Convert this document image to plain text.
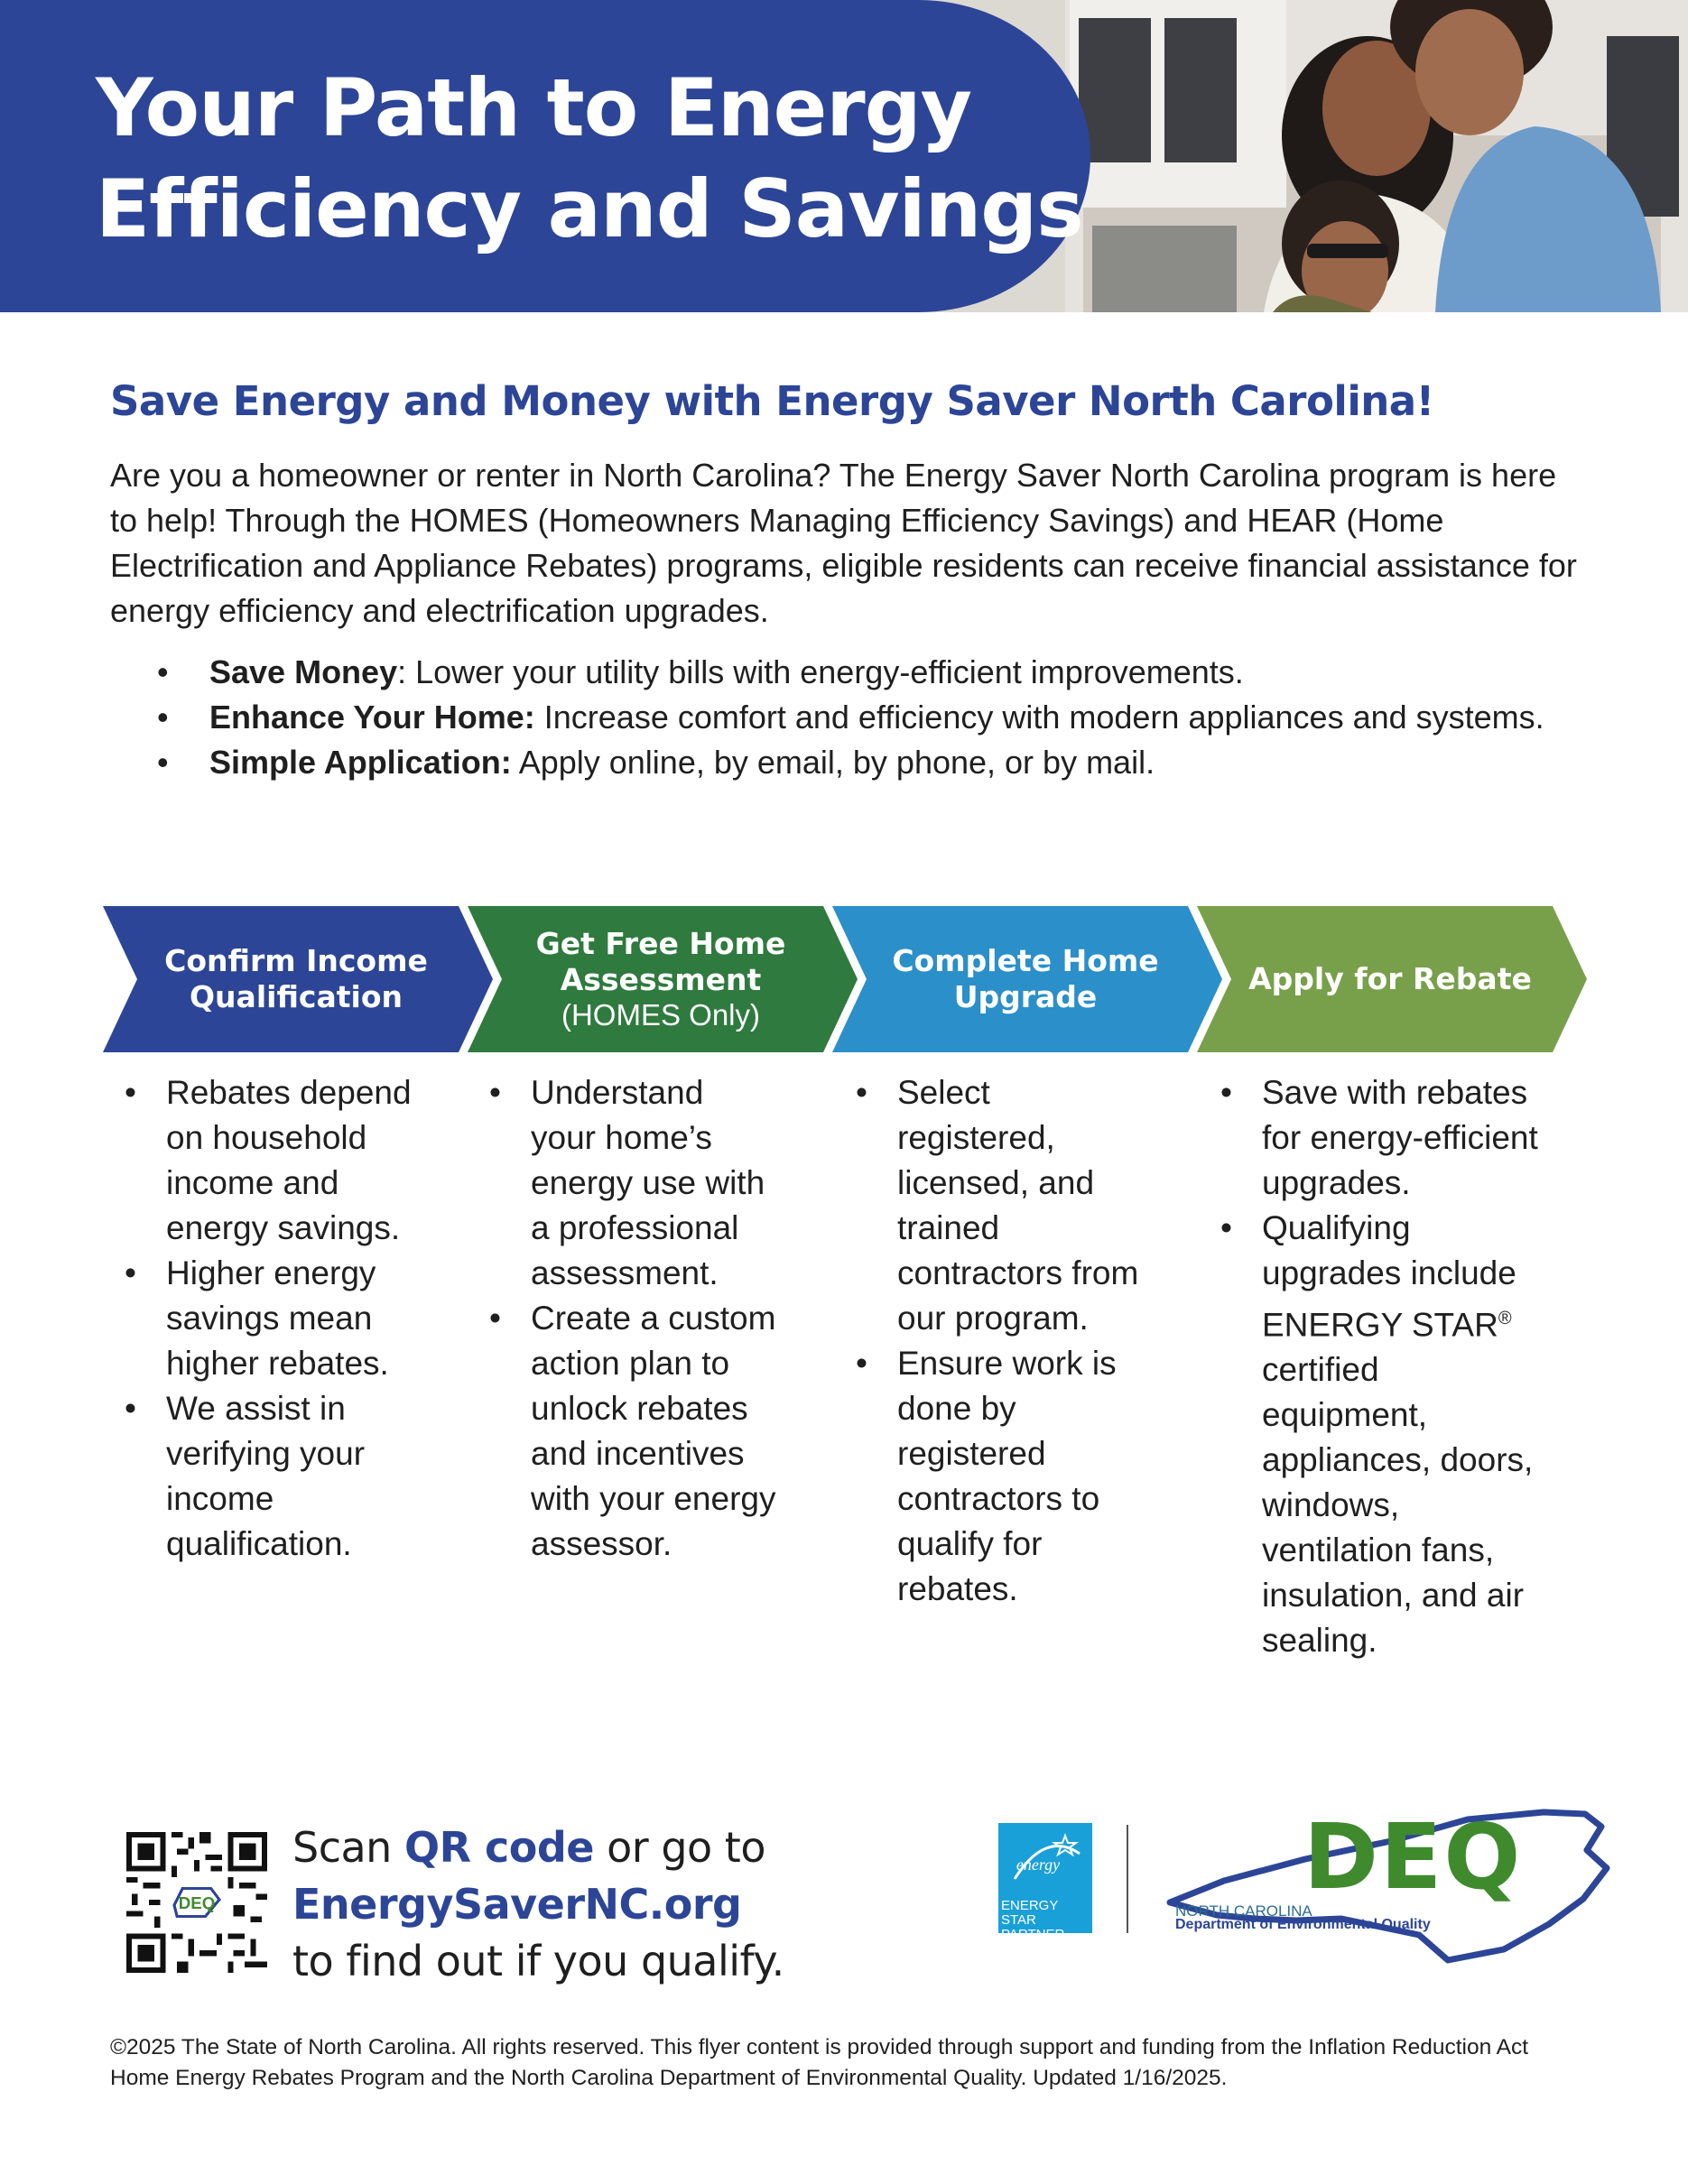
Your Path to Energy
Efficiency and Savings
Save Energy and Money with Energy Saver North Carolina!

Are you a homeowner or renter in North Carolina? The Energy Saver North Carolina program is here to help! Through the HOMES (Homeowners Managing Efficiency Savings) and HEAR (Home Electrification and Appliance Rebates) programs, eligible residents can receive financial assistance for energy efficiency and electrification upgrades.

• Save Money: Lower your utility bills with energy-efficient improvements.
• Enhance Your Home: Increase comfort and efficiency with modern appliances and systems.
• Simple Application: Apply online, by email, by phone, or by mail.
Confirm Income
Qualification
Get Free Home
Assessment
(HOMES Only)
Complete Home
Upgrade
Apply for Rebate
• Rebates depend
on household
income and
energy savings.
• Higher energy
savings mean
higher rebates.
• We assist in
verifying your
income
qualification.
• Understand
your home’s
energy use with
a professional
assessment.
• Create a custom
action plan to
unlock rebates
and incentives
with your energy
assessor.
• Select
registered,
licensed, and
trained
contractors from
our program.
• Ensure work is
done by
registered
contractors to
qualify for
rebates.
• Save with rebates
for energy-efficient
upgrades.
• Qualifying
upgrades include
ENERGY STAR®
certified
equipment,
appliances, doors,
windows,
ventilation fans,
insulation, and air
sealing.
DEQ
Scan QR code or go to
EnergySaverNC.org
to find out if you qualify.
energy
ENERGY STAR
PARTNER
DEQ
NORTH CAROLINA
Department of Environmental Quality

©2025 The State of North Carolina. All rights reserved. This flyer content is provided through support and funding from the Inflation Reduction Act
Home Energy Rebates Program and the North Carolina Department of Environmental Quality. Updated 1/16/2025.
